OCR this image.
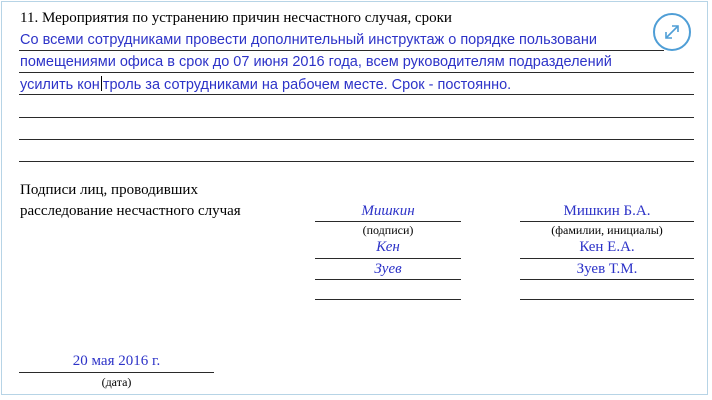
11. Мероприятия по устранению причин несчастного случая, сроки
Со всеми сотрудниками провести дополнительный инструктаж о порядке пользовани
помещениями офиса в срок до 07 июня 2016 года, всем руководителям подразделений
усилить кон троль за сотрудниками на рабочем месте. Срок - постоянно.
Подписи лиц, проводивших
расследование несчастного случая	Мишкин
(подписи)
Кен
Зуев
Мишкин Б.А.
(фамилии, инициалы)
Кен Е.А.
Зуев Т.М.
20 мая 2016 г.
(дата)
